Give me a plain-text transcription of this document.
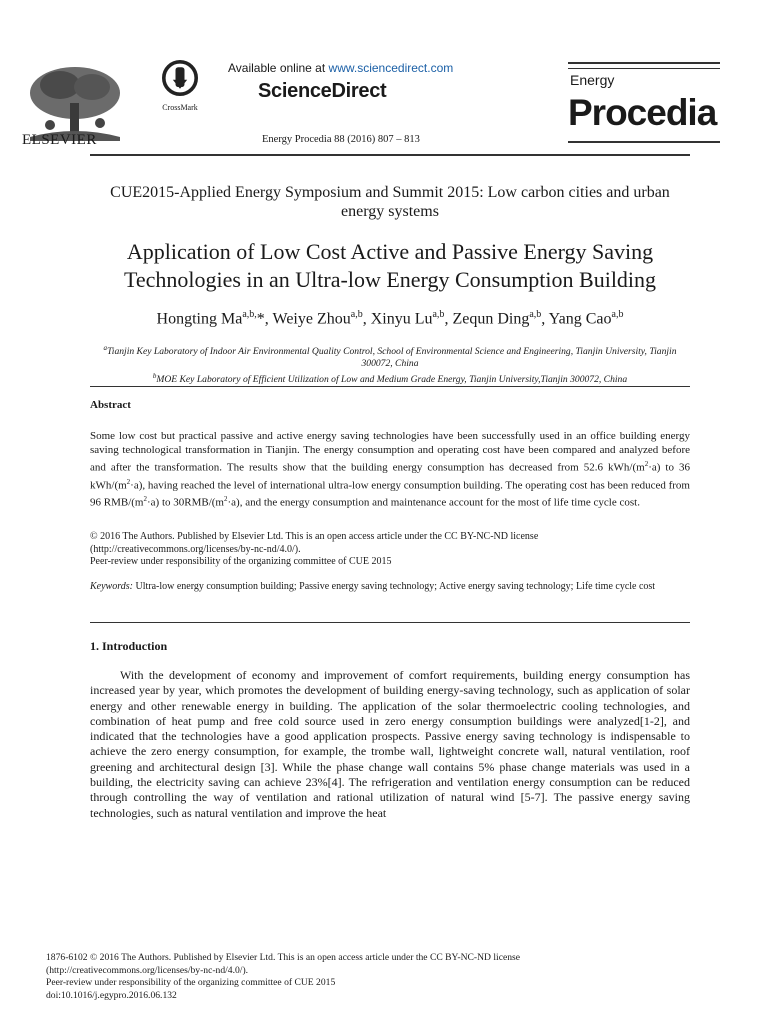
ELSEVIER
CrossMark
Available online at www.sciencedirect.com
ScienceDirect
Energy Procedia 88 (2016) 807 – 813
Energy
Procedia
CUE2015-Applied Energy Symposium and Summit 2015: Low carbon cities and urban energy systems
Application of Low Cost Active and Passive Energy Saving
Technologies in an Ultra-low Energy Consumption Building
Hongting $Ma^{a,b,}*$, Weiye Zhou$^{a,b}$, Xinyu Lu$^{a,b}$, Zequn Ding$^{a,b}$, Yang Cao$^{a,b}$
$^a$Tianjin Key Laboratory of Indoor Air Environmental Quality Control, School of Environmental Science and Engineering, Tianjin University, Tianjin 300072, China
$^b$MOE Key Laboratory of Efficient Utilization of Low and Medium Grade Energy, Tianjin University,Tianjin 300072, China
Abstract
Some low cost but practical passive and active energy saving technologies have been successfully used in an office building energy saving technological transformation in Tianjin. The energy consumption and operating cost have been compared and analyzed before and after the transformation. The results show that the building energy consumption has decreased from 52.6 kWh/$(m^2\cdot a)$ to 36 kWh/$(m^2\cdot a)$, having reached the level of international ultra-low energy consumption building. The operating cost has been reduced from 96 RMB/$(m^2\cdot a)$ to $30RMB/(m^2\cdot a)$, and the energy consumption and maintenance account for the most of life time cycle cost.
© 2016 The Authors. Published by Elsevier Ltd. This is an open access article under the CC BY-NC-ND license
(http://creativecommons.org/licenses/by-nc-nd/4.0/).
Peer-review under responsibility of the organizing committee of CUE 2015
Keywords: Ultra-low energy consumption building; Passive energy saving technology; Active energy saving technology; Life time cycle cost
1. Introduction

With the development of economy and improvement of comfort requirements, building energy consumption has increased year by year, which promotes the development of building energy-saving technology, such as application of solar energy and other renewable energy in building. The application of the solar thermoelectric cooling technologies, and combination of heat pump and free cold source used in zero energy consumption buildings were analyzed[1-2], and indicated that the technologies have a good application prospects. Passive energy saving technology is indispensable to achieve the zero energy consumption, for example, the trombe wall, lightweight concrete wall, natural ventilation, roof greening and architectural design [3]. While the phase change wall contains 5% phase change materials was used in a building, the electricity saving can achieve 23%[4]. The refrigeration and ventilation energy consumption can be reduced through controlling the way of ventilation and rational utilization of natural wind [5-7]. The passive energy saving technologies, such as natural ventilation and improve the heat

1876-6102 © 2016 The Authors. Published by Elsevier Ltd. This is an open access article under the CC BY-NC-ND license
(http://creativecommons.org/licenses/by-nc-nd/4.0/).
Peer-review under responsibility of the organizing committee of CUE 2015
doi:10.1016/j.egypro.2016.06.132
